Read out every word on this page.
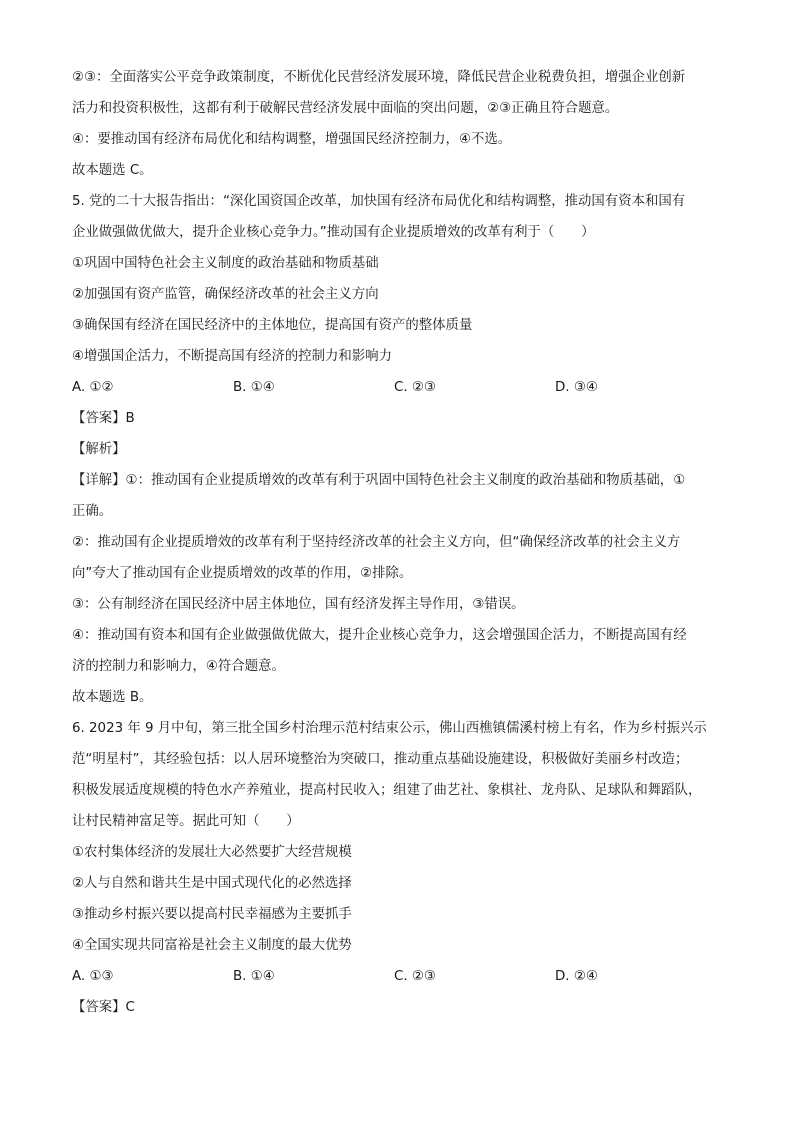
②③：全面落实公平竞争政策制度，不断优化民营经济发展环境，降低民营企业税费负担，增强企业创新
活力和投资积极性，这都有利于破解民营经济发展中面临的突出问题，②③正确且符合题意。
④：要推动国有经济布局优化和结构调整，增强国民经济控制力，④不选。
故本题选 C。
5. 党的二十大报告指出：“深化国资国企改革，加快国有经济布局优化和结构调整，推动国有资本和国有
企业做强做优做大，提升企业核心竞争力。”推动国有企业提质增效的改革有利于（　　）
①巩固中国特色社会主义制度的政治基础和物质基础
②加强国有资产监管，确保经济改革的社会主义方向
③确保国有经济在国民经济中的主体地位，提高国有资产的整体质量
④增强国企活力，不断提高国有经济的控制力和影响力
A. ①②	B. ①④	C. ②③	D. ③④
【答案】B
【解析】
【详解】①：推动国有企业提质增效的改革有利于巩固中国特色社会主义制度的政治基础和物质基础，①
正确。
②：推动国有企业提质增效的改革有利于坚持经济改革的社会主义方向，但“确保经济改革的社会主义方
向”夸大了推动国有企业提质增效的改革的作用，②排除。
③：公有制经济在国民经济中居主体地位，国有经济发挥主导作用，③错误。
④：推动国有资本和国有企业做强做优做大，提升企业核心竞争力，这会增强国企活力，不断提高国有经
济的控制力和影响力，④符合题意。
故本题选 B。
6. 2023 年 9 月中旬，第三批全国乡村治理示范村结束公示，佛山西樵镇儒溪村榜上有名，作为乡村振兴示
范“明星村”，其经验包括：以人居环境整治为突破口，推动重点基础设施建设，积极做好美丽乡村改造；
积极发展适度规模的特色水产养殖业，提高村民收入；组建了曲艺社、象棋社、龙舟队、足球队和舞蹈队，
让村民精神富足等。据此可知（　　）
①农村集体经济的发展壮大必然要扩大经营规模
②人与自然和谐共生是中国式现代化的必然选择
③推动乡村振兴要以提高村民幸福感为主要抓手
④全国实现共同富裕是社会主义制度的最大优势
A. ①③	B. ①④	C. ②③	D. ②④
【答案】C
